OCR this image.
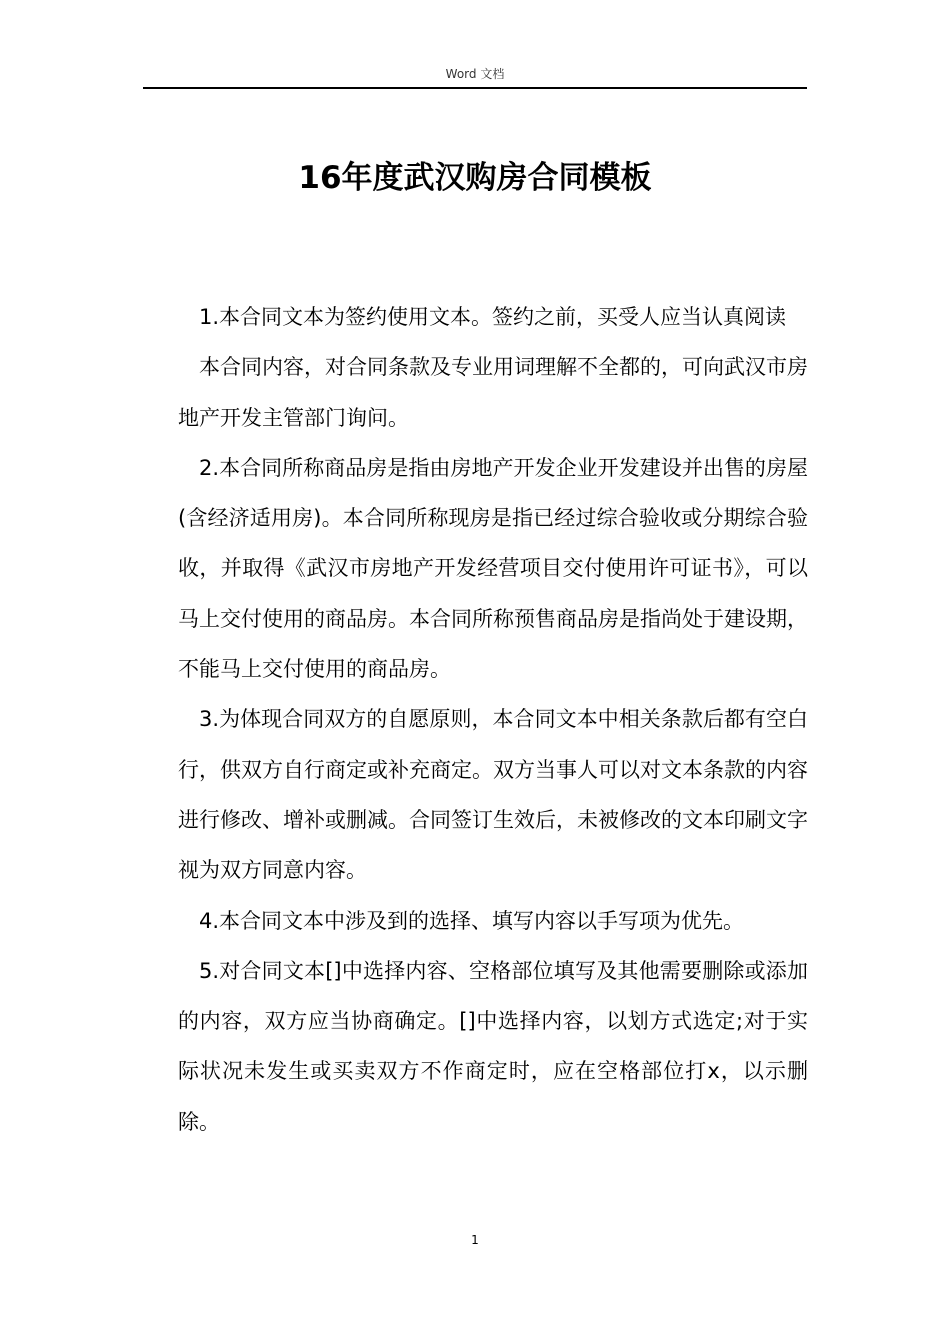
Word 文档
16年度武汉购房合同模板

1.本合同文本为签约使用文本。签约之前，买受人应当认真阅读

本合同内容，对合同条款及专业用词理解不全都的，可向武汉市房地产开发主管部门询问。

2.本合同所称商品房是指由房地产开发企业开发建设并出售的房屋(含经济适用房)。本合同所称现房是指已经过综合验收或分期综合验收，并取得《武汉市房地产开发经营项目交付使用许可证书》，可以马上交付使用的商品房。本合同所称预售商品房是指尚处于建设期，不能马上交付使用的商品房。

3.为体现合同双方的自愿原则，本合同文本中相关条款后都有空白行，供双方自行商定或补充商定。双方当事人可以对文本条款的内容进行修改、增补或删减。合同签订生效后，未被修改的文本印刷文字视为双方同意内容。

4.本合同文本中涉及到的选择、填写内容以手写项为优先。

5.对合同文本[]中选择内容、空格部位填写及其他需要删除或添加的内容，双方应当协商确定。[]中选择内容，以划方式选定;对于实际状况未发生或买卖双方不作商定时，应在空格部位打x，以示删除。

1
